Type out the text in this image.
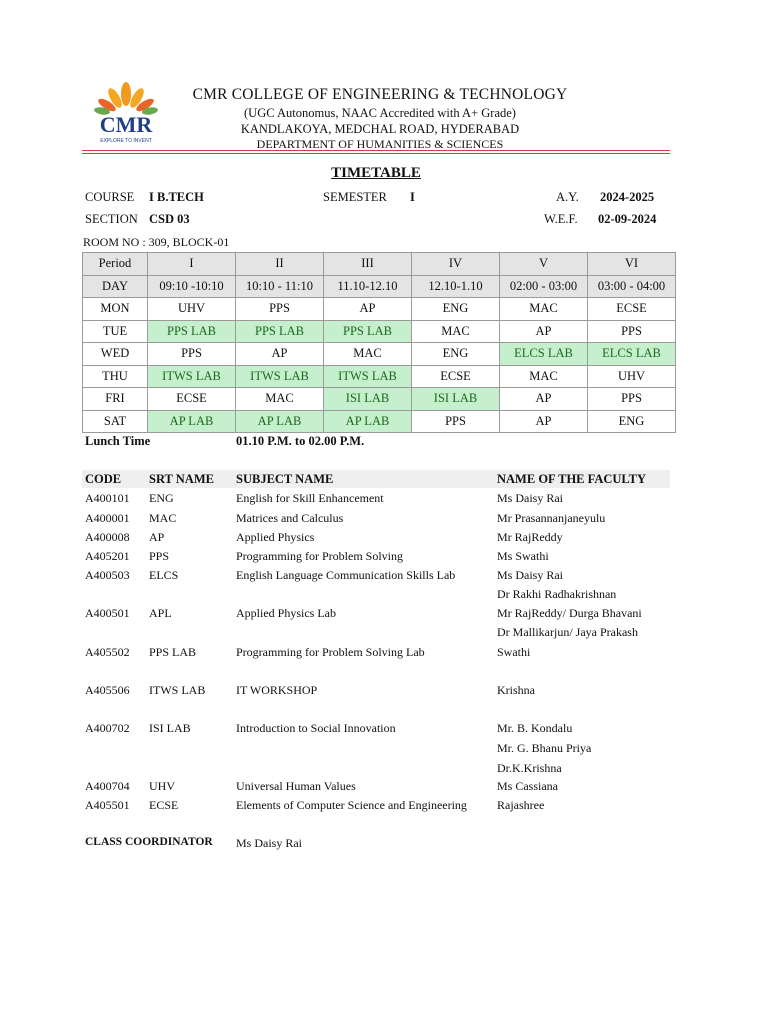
CMR
EXPLORE TO INVENT
CMR COLLEGE OF ENGINEERING & TECHNOLOGY
(UGC Autonomus, NAAC Accredited with A+ Grade)
KANDLAKOYA, MEDCHAL ROAD, HYDERABAD
DEPARTMENT OF HUMANITIES & SCIENCES
TIMETABLE
COURSE I B.TECH	SEMESTER I	A.Y. 2024-2025
SECTION CSD 03	W.E.F. 02-09-2024
ROOM NO : 309, BLOCK-01
Period	I	II	III	IV	V	VI
DAY	09:10 -10:10	10:10 - 11:10	11.10-12.10	12.10-1.10	02:00 - 03:00	03:00 - 04:00
MON	UHV	PPS	AP	ENG	MAC	ECSE
TUE	PPS LAB	PPS LAB	PPS LAB	MAC	AP	PPS
WED	PPS	AP	MAC	ENG	ELCS LAB	ELCS LAB
THU	ITWS LAB	ITWS LAB	ITWS LAB	ECSE	MAC	UHV
FRI	ECSE	MAC	ISI LAB	ISI LAB	AP	PPS
SAT	AP LAB	AP LAB	AP LAB	PPS	AP	ENG
Lunch Time	01.10 P.M. to 02.00 P.M.
CODE SRT NAME SUBJECT NAME	NAME OF THE FACULTY
A400101 ENG	English for Skill Enhancement	Ms Daisy Rai
A400001 MAC	Matrices and Calculus	Mr Prasannanjaneyulu
A400008 AP	Applied Physics	Mr RajReddy
A405201 PPS	Programming for Problem Solving	Ms Swathi
A400503 ELCS	English Language Communication Skills Lab	Ms Daisy Rai
Dr Rakhi Radhakrishnan
A400501 APL	Applied Physics Lab	Mr RajReddy/ Durga Bhavani
Dr Mallikarjun/ Jaya Prakash
A405502 PPS LAB	Programming for Problem Solving Lab	Swathi
A405506 ITWS LAB	IT WORKSHOP	Krishna
A400702 ISI LAB	Introduction to Social Innovation	Mr. B. Kondalu
Mr. G. Bhanu Priya
Dr.K.Krishna
A400704 UHV	Universal Human Values	Ms Cassiana
A405501 ECSE	Elements of Computer Science and Engineering	Rajashree
CLASS COORDINATOR Ms Daisy Rai
